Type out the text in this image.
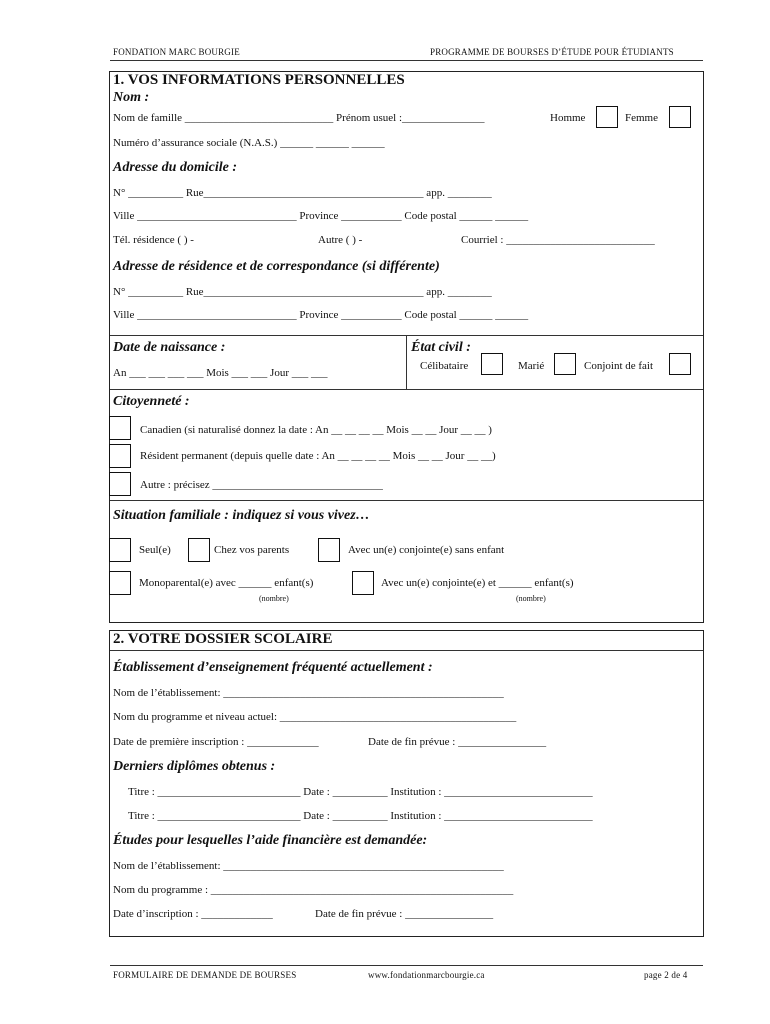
FONDATION MARC BOURGIE	PROGRAMME DE BOURSES D’ÉTUDE POUR ÉTUDIANTS
1. VOS INFORMATIONS PERSONNELLES
Nom :
Nom de famille ___________________________ Prénom usuel :_______________	Homme	Femme
Numéro d’assurance sociale (N.A.S.) ______ ______ ______
Adresse du domicile :
N° __________ Rue________________________________________ app. ________
Ville _____________________________ Province ___________ Code postal ______ ______
Tél. résidence ( ) -	Autre ( ) -	Courriel : ___________________________
Adresse de résidence et de correspondance (si différente)
N° __________ Rue________________________________________ app. ________
Ville _____________________________ Province ___________ Code postal ______ ______
Date de naissance :
An ___ ___ ___ ___ Mois ___ ___ Jour ___ ___
État civil :
Célibataire	Marié	Conjoint de fait
Citoyenneté :
Canadien (si naturalisé donnez la date : An __ __ __ __ Mois __ __ Jour __ __ )
Résident permanent (depuis quelle date : An __ __ __ __ Mois __ __ Jour __ __)
Autre : précisez _______________________________
Situation familiale : indiquez si vous vivez…
Seul(e)	Chez vos parents	Avec un(e) conjointe(e) sans enfant
Monoparental(e) avec ______ enfant(s)
(nombre)
Avec un(e) conjointe(e) et ______ enfant(s)
(nombre)
2. VOTRE DOSSIER SCOLAIRE
Établissement d’enseignement fréquenté actuellement :
Nom de l’établissement: ___________________________________________________
Nom du programme et niveau actuel: ___________________________________________
Date de première inscription : _____________	Date de fin prévue : ________________
Derniers diplômes obtenus :
Titre : __________________________ Date : __________ Institution : ___________________________
Titre : __________________________ Date : __________ Institution : ___________________________
Études pour lesquelles l’aide financière est demandée:
Nom de l’établissement: ___________________________________________________
Nom du programme : _______________________________________________________
Date d’inscription : _____________	Date de fin prévue : ________________
FORMULAIRE DE DEMANDE DE BOURSES	www.fondationmarcbourgie.ca	page 2 de 4
